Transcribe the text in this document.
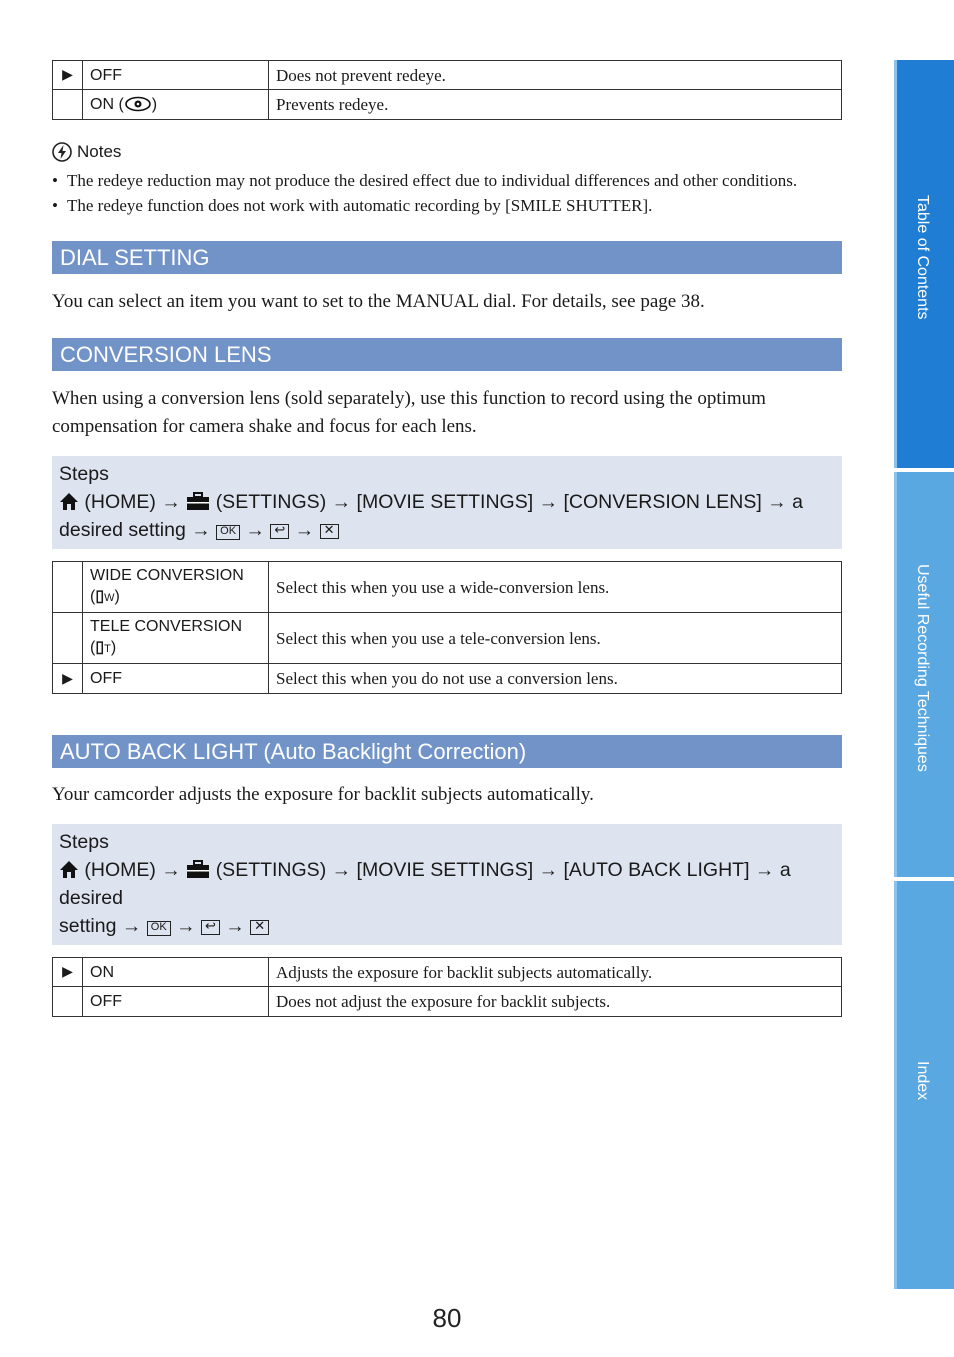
▶	OFF	Does not prevent redeye.
	ON ( )	Prevents redeye.
Notes
• The redeye reduction may not produce the desired effect due to individual differences and other conditions.
• The redeye function does not work with automatic recording by [SMILE SHUTTER].
DIAL SETTING

You can select an item you want to set to the MANUAL dial. For details, see page 38.

CONVERSION LENS

When using a conversion lens (sold separately), use this function to record using the optimum compensation for camera shake and focus for each lens.

Steps
(HOME) → (SETTINGS) → [MOVIE SETTINGS] → [CONVERSION LENS] → a
desired setting → OK → ↩ → ✕

	WIDE CONVERSION
(▯W)	Select this when you use a wide-conversion lens.

	TELE CONVERSION
(▯T)	Select this when you use a tele-conversion lens.
▶	OFF	Select this when you do not use a conversion lens.
AUTO BACK LIGHT (Auto Backlight Correction)

Your camcorder adjusts the exposure for backlit subjects automatically.

Steps
(HOME) → (SETTINGS) → [MOVIE SETTINGS] → [AUTO BACK LIGHT] → a desired
setting → OK → ↩ → ✕
▶	ON	Adjusts the exposure for backlit subjects automatically.
	OFF	Does not adjust the exposure for backlit subjects.
Table of Contents
Useful Recording Techniques
Index
80
